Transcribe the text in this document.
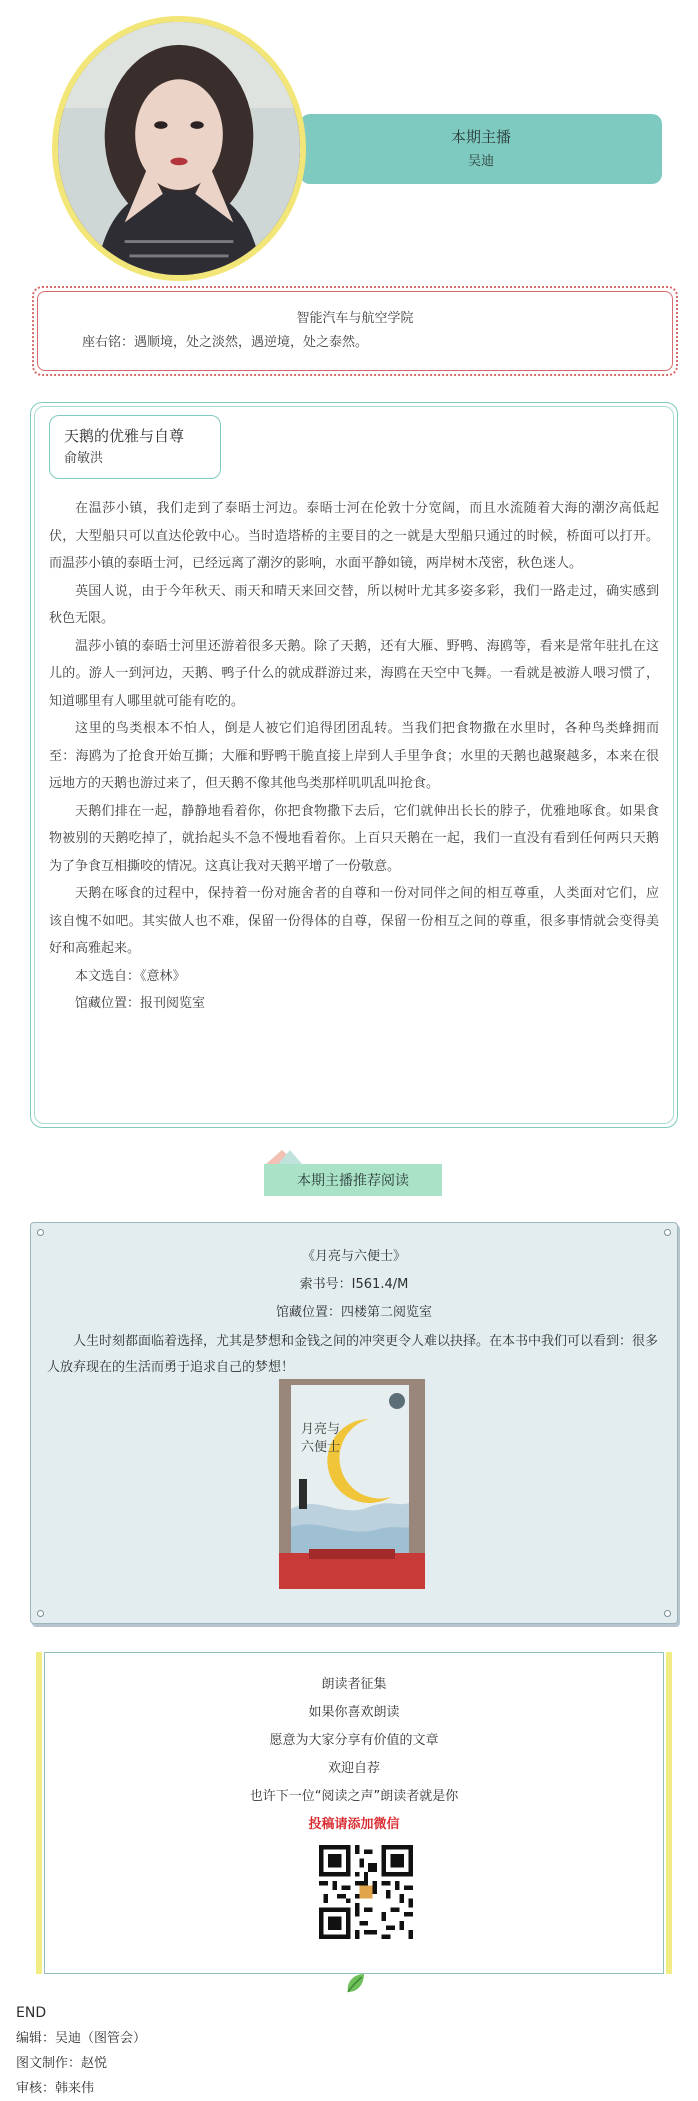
本期主播
吴迪
智能汽车与航空学院
座右铭：遇顺境，处之淡然，遇逆境，处之泰然。
天鹅的优雅与自尊
俞敏洪

在温莎小镇，我们走到了泰晤士河边。泰晤士河在伦敦十分宽阔，而且水流随着大海的潮汐高低起伏，大型船只可以直达伦敦中心。当时造塔桥的主要目的之一就是大型船只通过的时候，桥面可以打开。而温莎小镇的泰晤士河，已经远离了潮汐的影响，水面平静如镜，两岸树木茂密，秋色迷人。

英国人说，由于今年秋天、雨天和晴天来回交替，所以树叶尤其多姿多彩，我们一路走过，确实感到秋色无限。

温莎小镇的泰晤士河里还游着很多天鹅。除了天鹅，还有大雁、野鸭、海鸥等，看来是常年驻扎在这儿的。游人一到河边，天鹅、鸭子什么的就成群游过来，海鸥在天空中飞舞。一看就是被游人喂习惯了，知道哪里有人哪里就可能有吃的。

这里的鸟类根本不怕人，倒是人被它们追得团团乱转。当我们把食物撒在水里时，各种鸟类蜂拥而至：海鸥为了抢食开始互撕；大雁和野鸭干脆直接上岸到人手里争食；水里的天鹅也越聚越多，本来在很远地方的天鹅也游过来了，但天鹅不像其他鸟类那样叽叽乱叫抢食。

天鹅们排在一起，静静地看着你，你把食物撒下去后，它们就伸出长长的脖子，优雅地啄食。如果食物被别的天鹅吃掉了，就抬起头不急不慢地看着你。上百只天鹅在一起，我们一直没有看到任何两只天鹅为了争食互相撕咬的情况。这真让我对天鹅平增了一份敬意。

天鹅在啄食的过程中，保持着一份对施舍者的自尊和一份对同伴之间的相互尊重，人类面对它们，应该自愧不如吧。其实做人也不难，保留一份得体的自尊，保留一份相互之间的尊重，很多事情就会变得美好和高雅起来。

本文选自：《意林》

馆藏位置：报刊阅览室

本期主播推荐阅读
《月亮与六便士》
索书号：I561.4/M
馆藏位置：四楼第二阅览室
人生时刻都面临着选择，尤其是梦想和金钱之间的冲突更令人难以抉择。在本书中我们可以看到：很多人放弃现在的生活而勇于追求自己的梦想！
月亮与
六便士
朗读者征集
如果你喜欢朗读
愿意为大家分享有价值的文章
欢迎自荐
也许下一位“阅读之声”朗读者就是你
投稿请添加微信
END
编辑：吴迪（图管会）
图文制作：赵悦
审核：韩来伟
